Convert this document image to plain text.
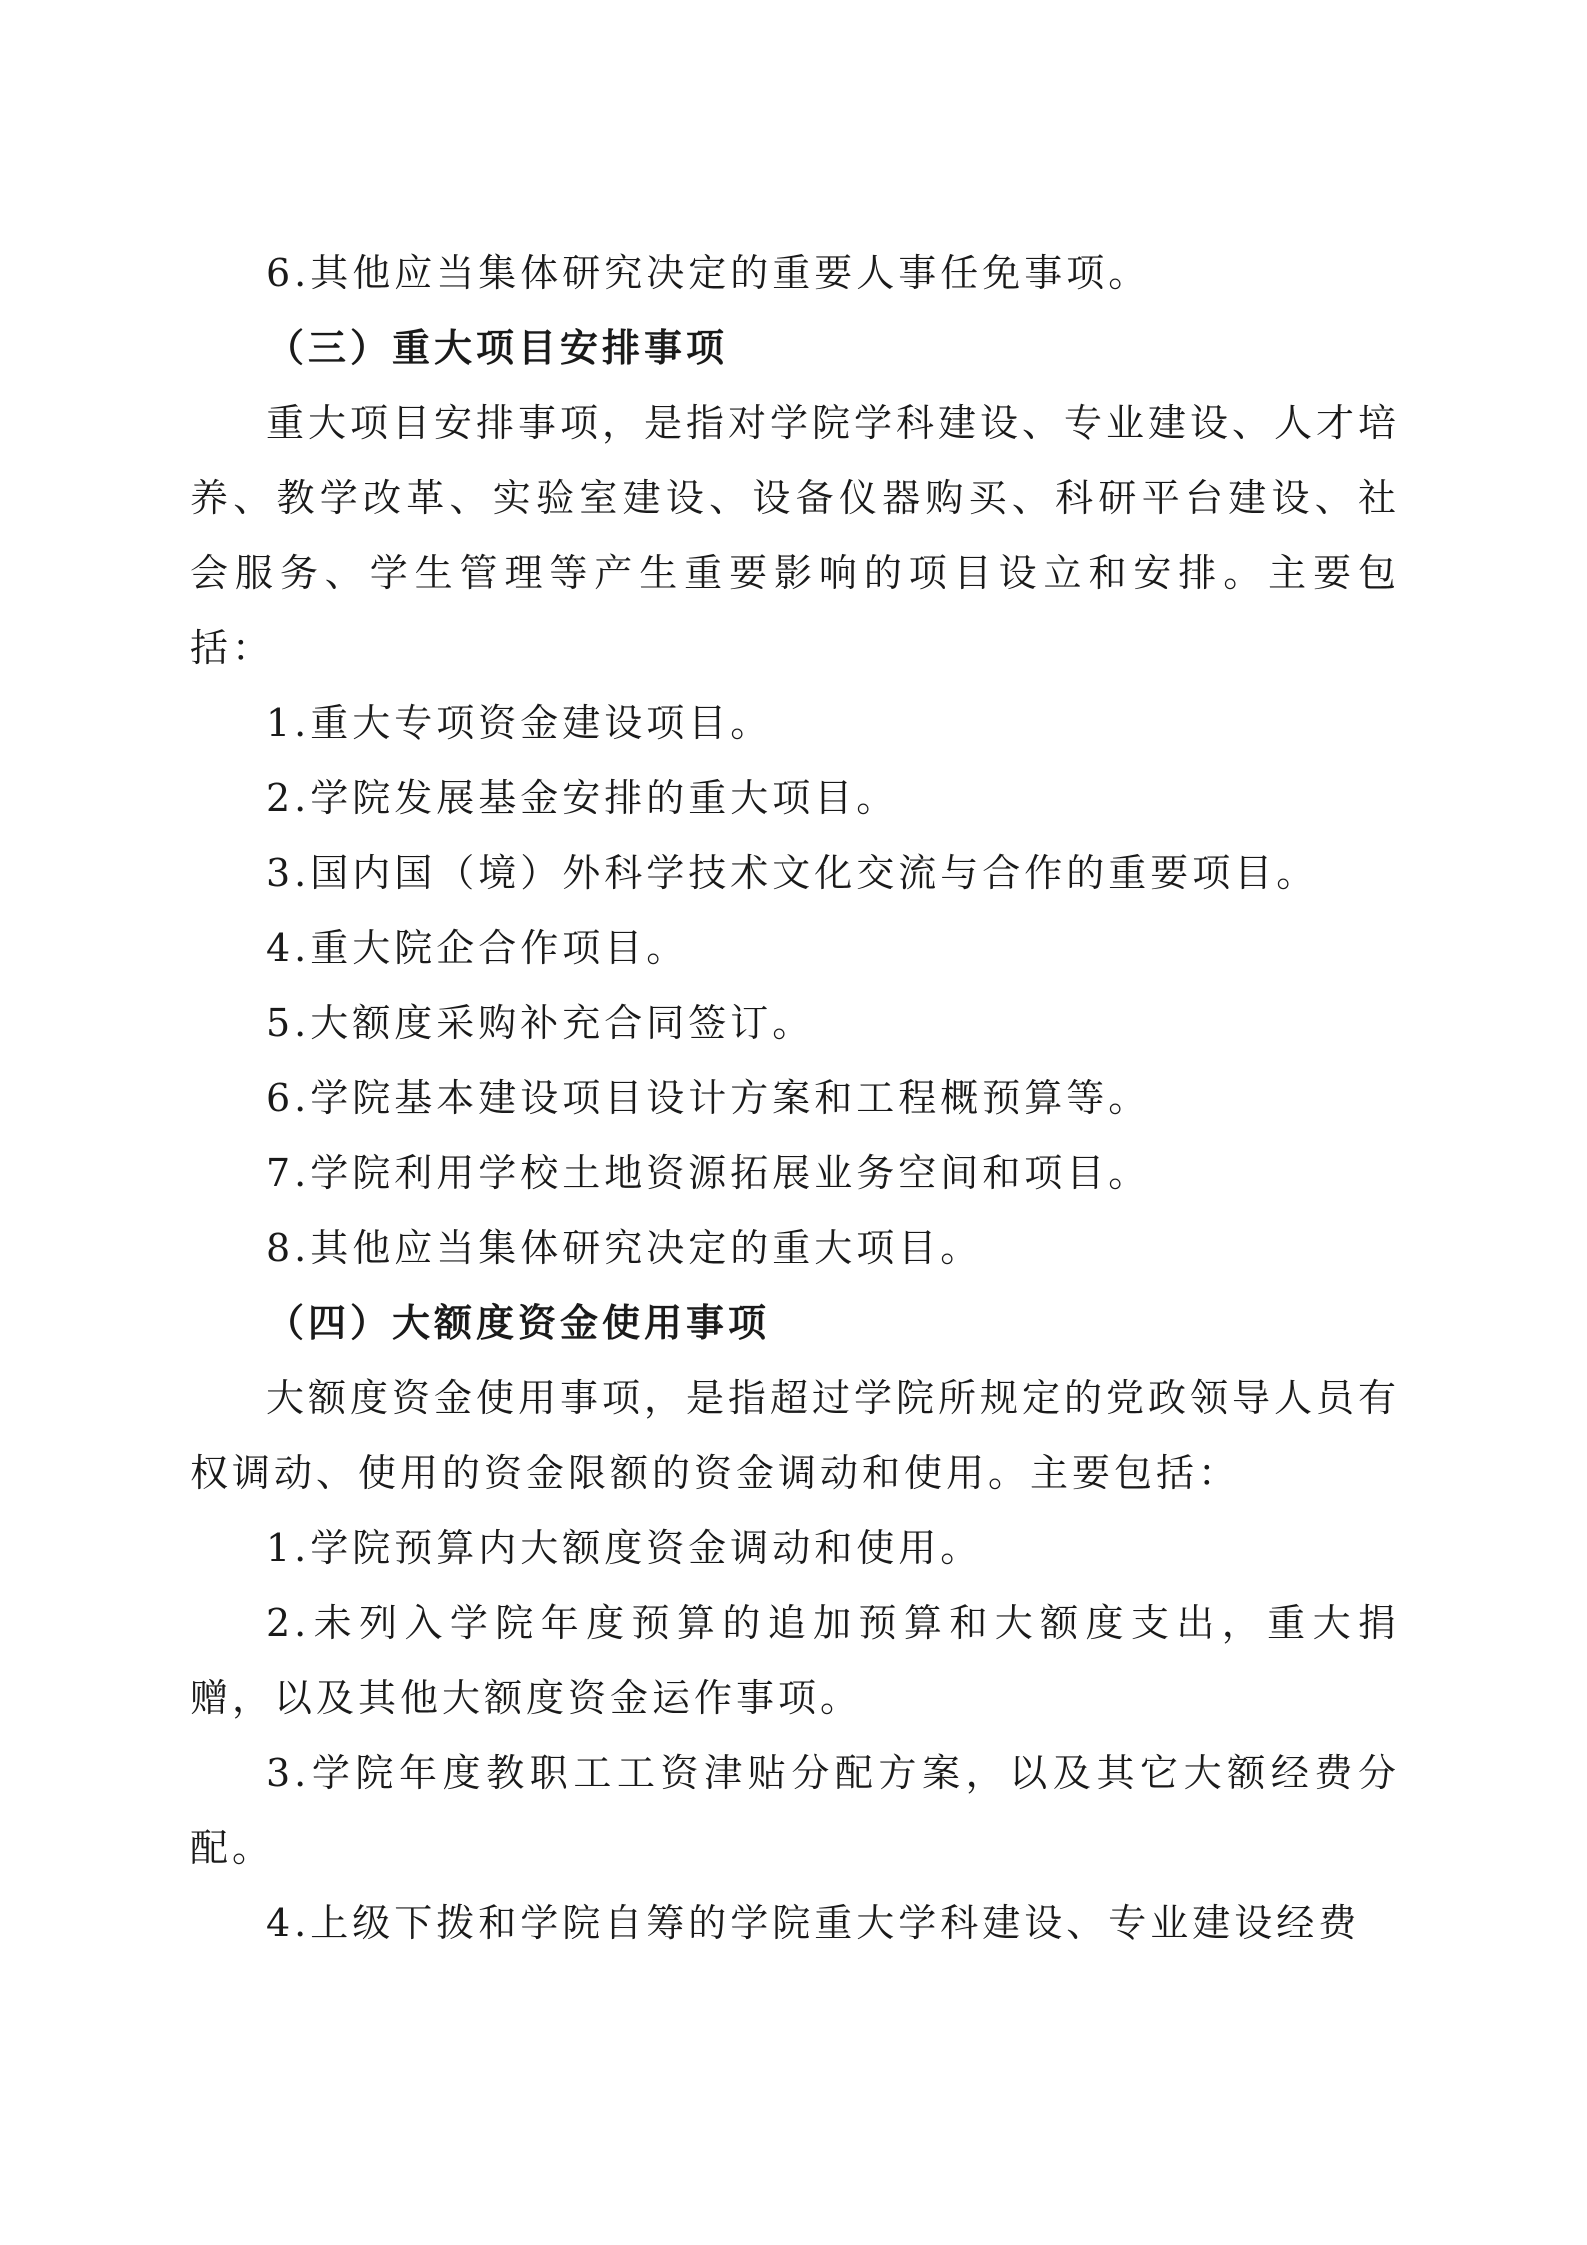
6.其他应当集体研究决定的重要人事任免事项。

（三）重大项目安排事项

重大项目安排事项，是指对学院学科建设、专业建设、人才培养、教学改革、实验室建设、设备仪器购买、科研平台建设、社会服务、学生管理等产生重要影响的项目设立和安排。主要包括：

1.重大专项资金建设项目。

2.学院发展基金安排的重大项目。

3.国内国（境）外科学技术文化交流与合作的重要项目。

4.重大院企合作项目。

5.大额度采购补充合同签订。

6.学院基本建设项目设计方案和工程概预算等。

7.学院利用学校土地资源拓展业务空间和项目。

8.其他应当集体研究决定的重大项目。

（四）大额度资金使用事项

大额度资金使用事项，是指超过学院所规定的党政领导人员有权调动、使用的资金限额的资金调动和使用。主要包括：

1.学院预算内大额度资金调动和使用。

2.未列入学院年度预算的追加预算和大额度支出，重大捐赠，以及其他大额度资金运作事项。

3.学院年度教职工工资津贴分配方案，以及其它大额经费分配。

4.上级下拨和学院自筹的学院重大学科建设、专业建设经费
